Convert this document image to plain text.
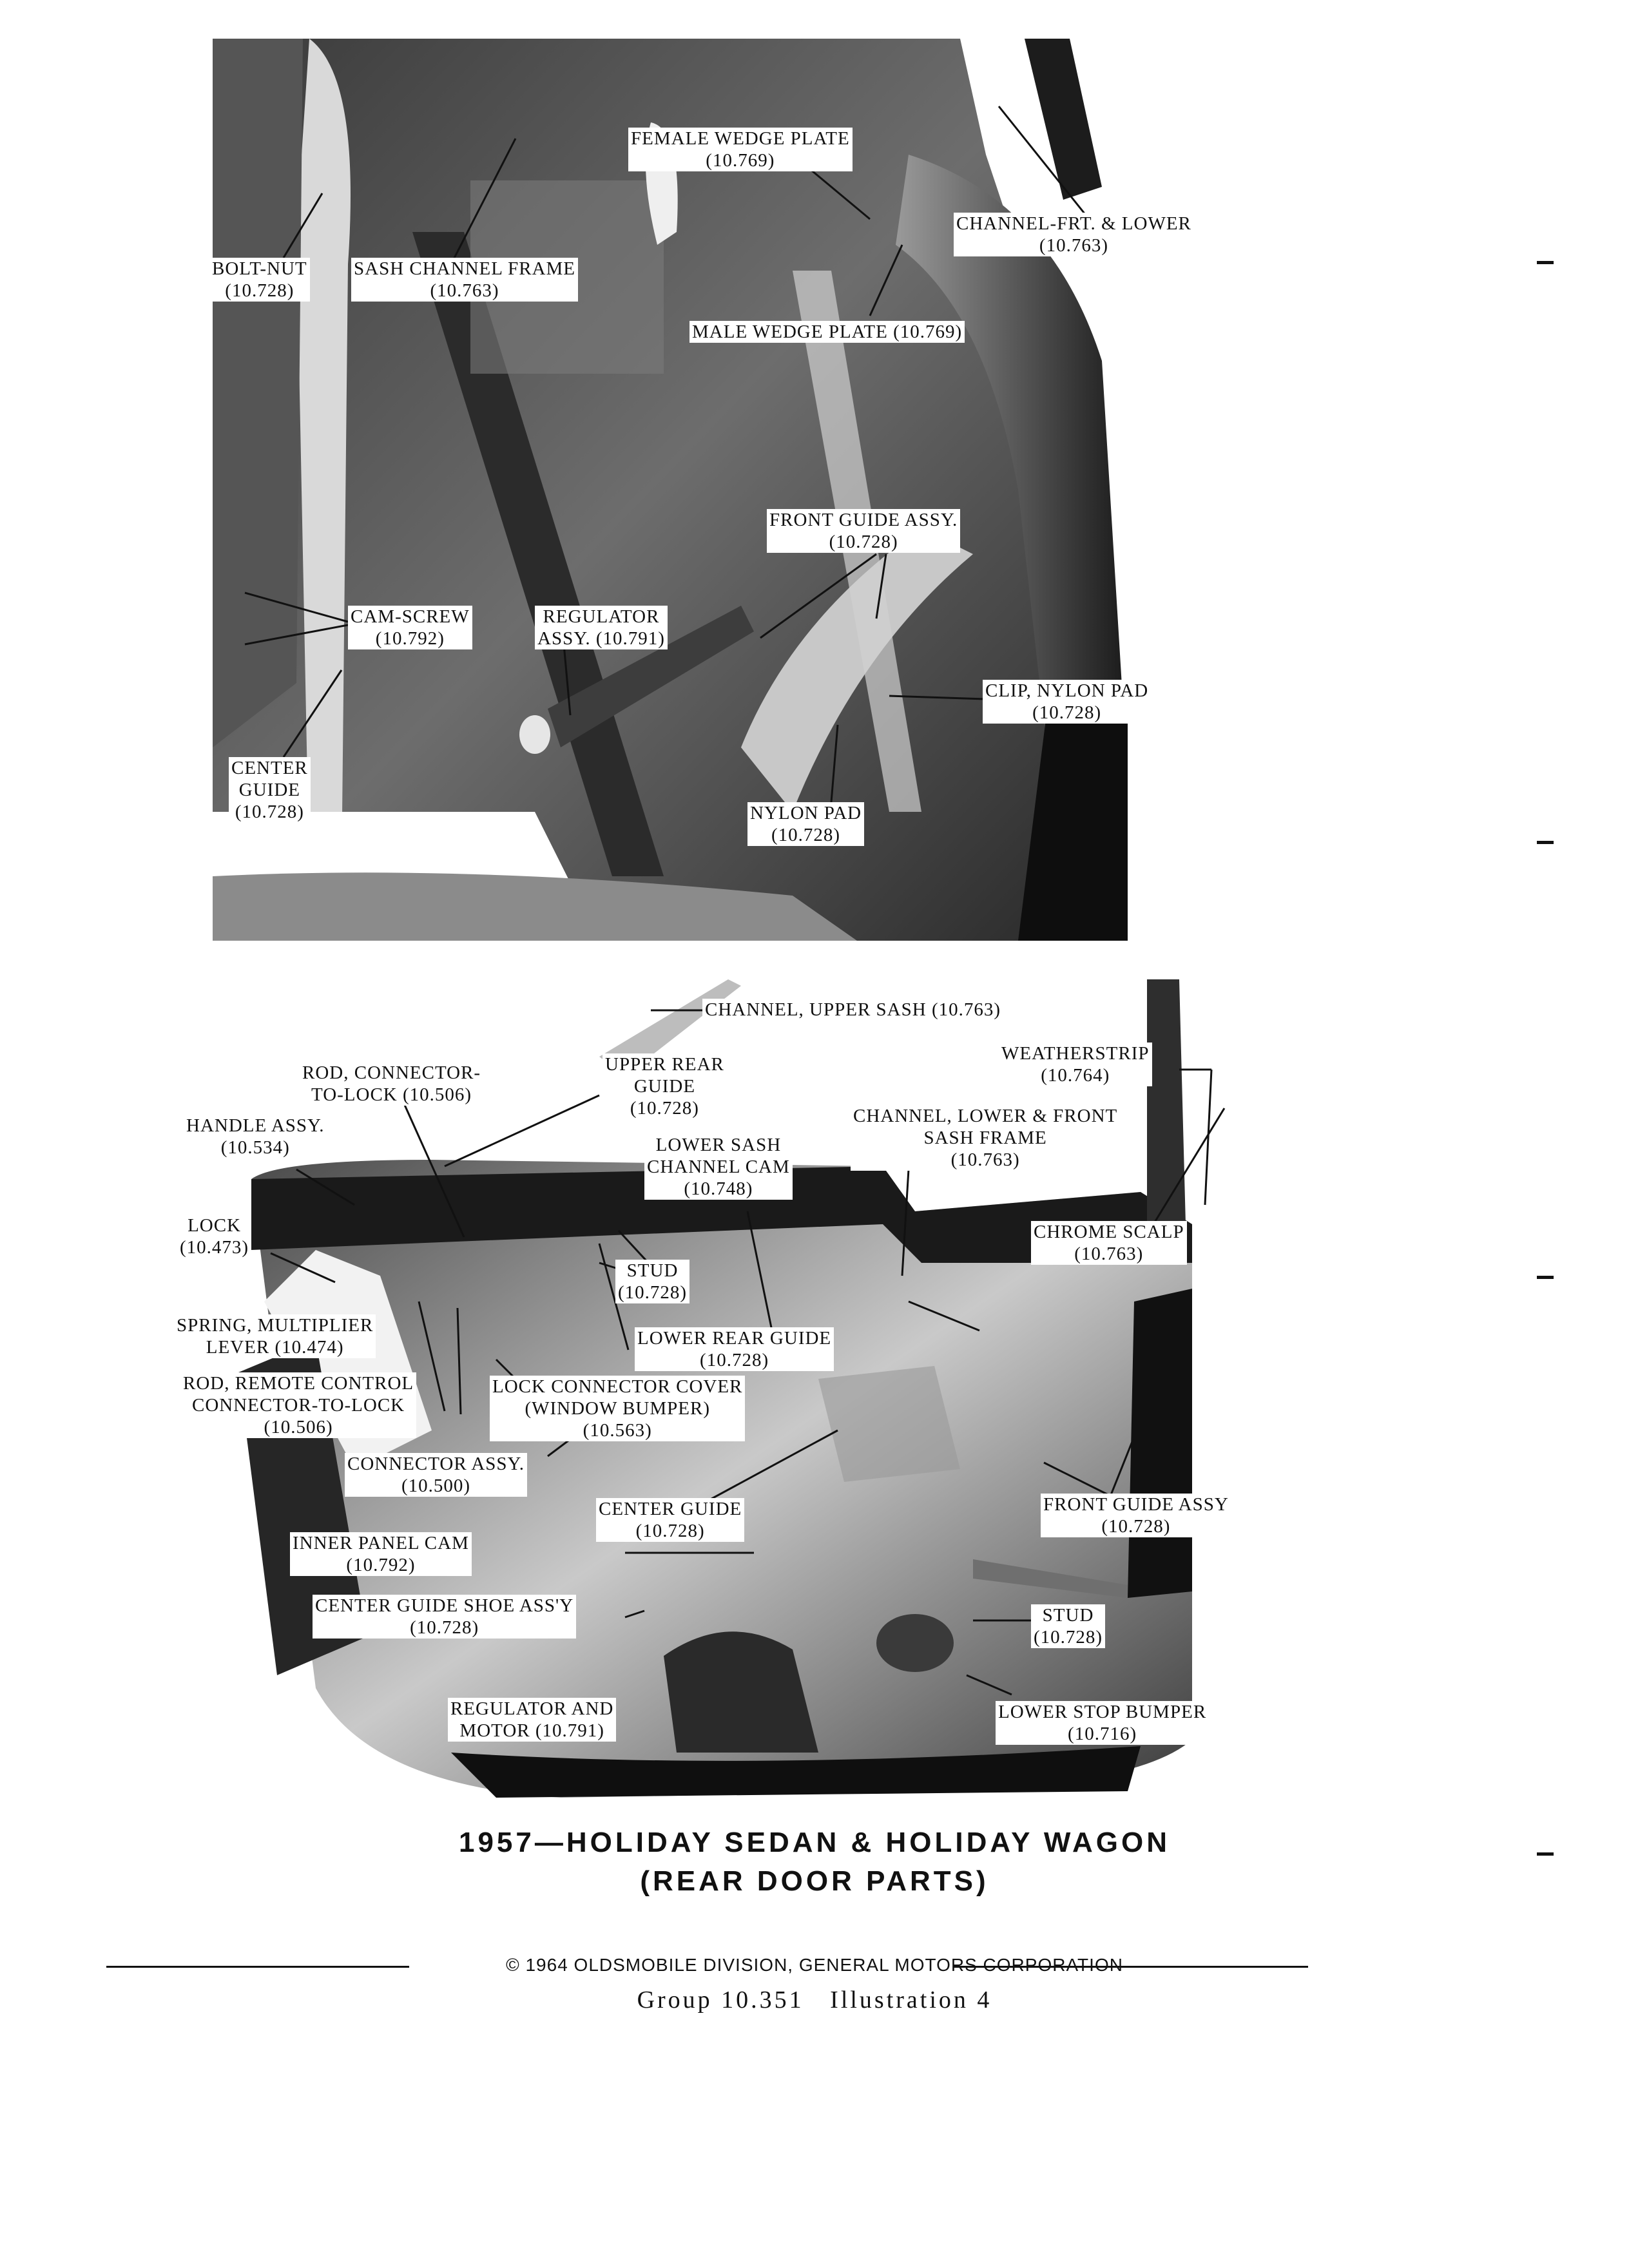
FEMALE WEDGE PLATE
(10.769)
CHANNEL-FRT. & LOWER
(10.763)
BOLT-NUT
(10.728)
SASH CHANNEL FRAME
(10.763)
MALE WEDGE PLATE (10.769)
FRONT GUIDE ASSY.
(10.728)
CAM-SCREW
(10.792)
REGULATOR
ASSY. (10.791)
CLIP, NYLON PAD
(10.728)
CENTER
GUIDE
(10.728)	NYLON PAD
(10.728)
CHANNEL, UPPER SASH (10.763)
ROD, CONNECTOR-
TO-LOCK (10.506)
UPPER REAR
GUIDE
(10.728)
WEATHERSTRIP
(10.764)
HANDLE ASSY.
(10.534)	LOWER SASH
CHANNEL CAM
(10.748)
CHANNEL, LOWER & FRONT
SASH FRAME
(10.763)
LOCK
(10.473)
CHROME SCALP
(10.763)
STUD
(10.728)
SPRING, MULTIPLIER
LEVER (10.474)	LOWER REAR GUIDE
(10.728)
ROD, REMOTE CONTROL
CONNECTOR-TO-LOCK
(10.506)
LOCK CONNECTOR COVER
(WINDOW BUMPER)
(10.563)
CONNECTOR ASSY.
(10.500)
FRONT GUIDE ASSY
(10.728)
CENTER GUIDE
(10.728)
INNER PANEL CAM
(10.792)
CENTER GUIDE SHOE ASS'Y
(10.728)
STUD
(10.728)
REGULATOR AND
MOTOR (10.791)
LOWER STOP BUMPER
(10.716)
1957—HOLIDAY SEDAN & HOLIDAY WAGON
(REAR DOOR PARTS)
© 1964 OLDSMOBILE DIVISION, GENERAL MOTORS CORPORATION
Group 10.351   Illustration 4
